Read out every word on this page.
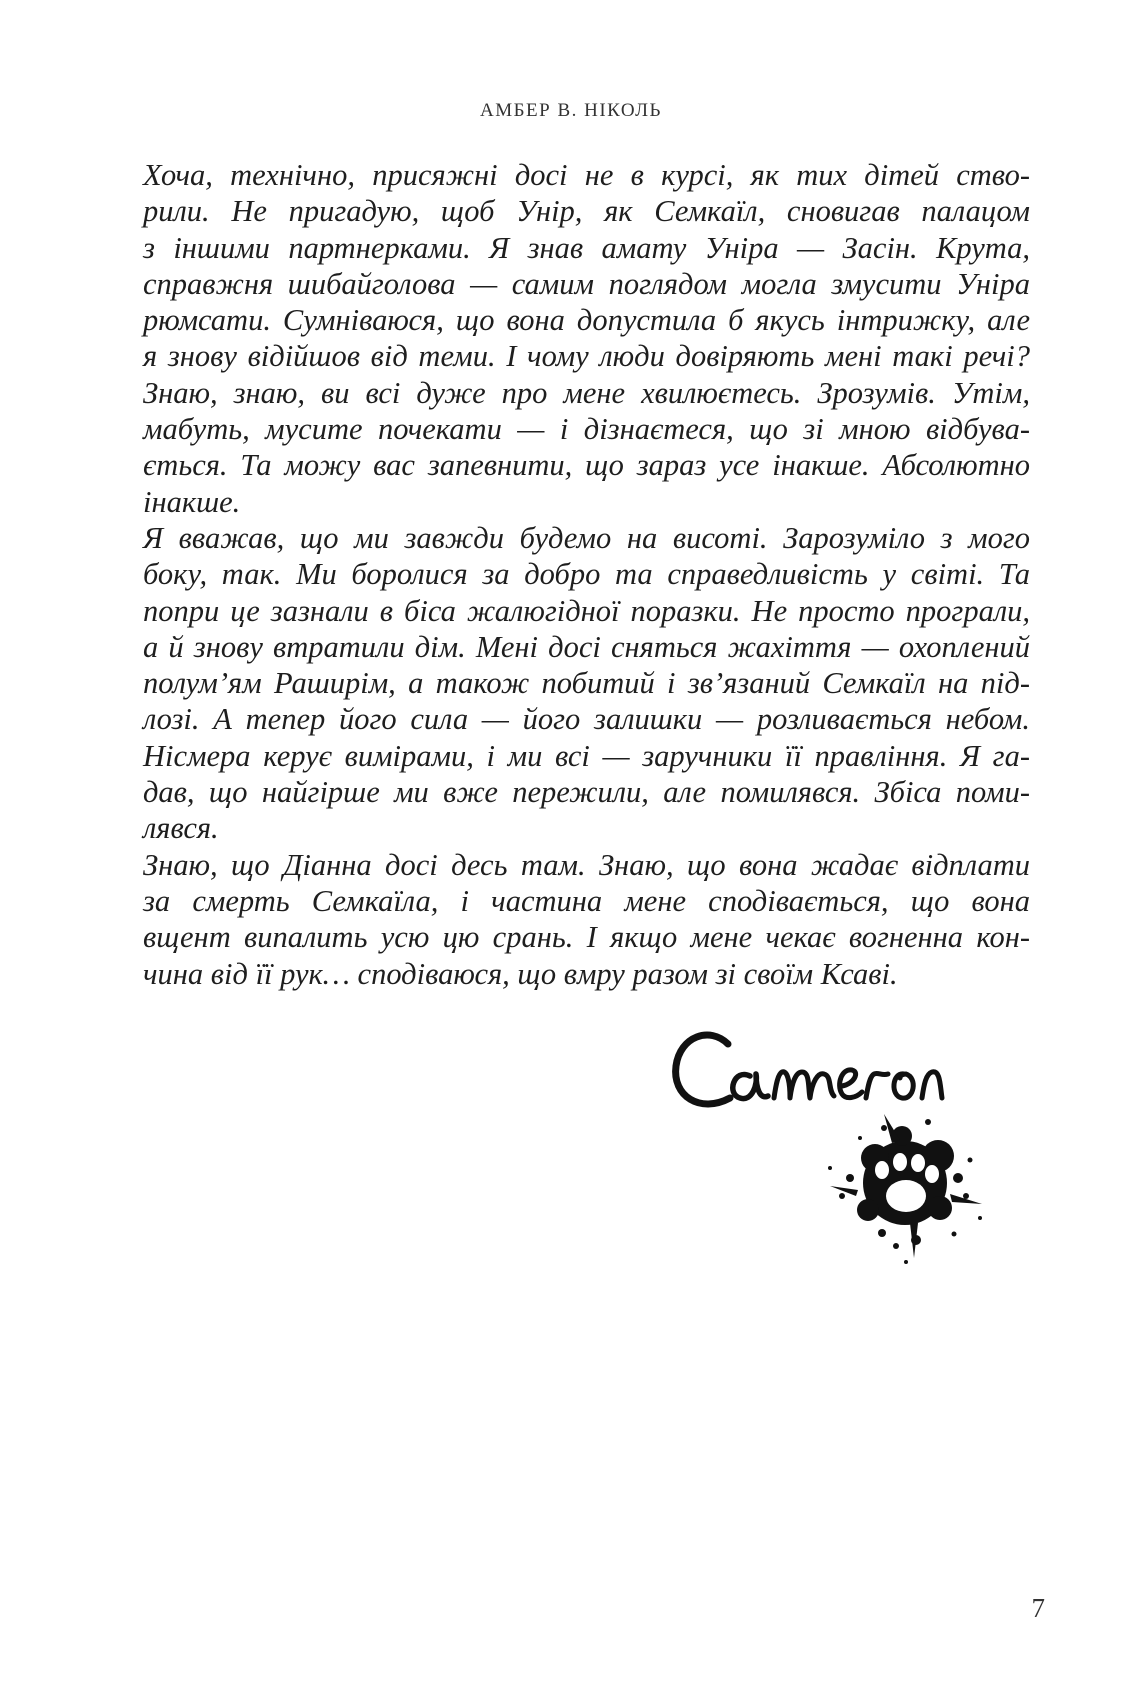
АМБЕР В. НІКОЛЬ

Хоча, технічно, присяжні досі не в курсі, як тих дітей ство-
рили. Не пригадую, щоб Унір, як Семкаїл, сновигав палацом
з іншими партнерками. Я знав амату Уніра — Засін. Крута,
справжня шибайголова — самим поглядом могла змусити Уніра
рюмсати. Сумніваюся, що вона допустила б якусь інтрижку, але
я знову відійшов від теми. І чому люди довіряють мені такі речі?

Знаю, знаю, ви всі дуже про мене хвилюєтесь. Зрозумів. Утім,
мабуть, мусите почекати — і дізнаєтеся, що зі мною відбува-
ється. Та можу вас запевнити, що зараз усе інакше. Абсолютно
інакше.

Я вважав, що ми завжди будемо на висоті. Зарозуміло з мого
боку, так. Ми боролися за добро та справедливість у світі. Та
попри це зазнали в біса жалюгідної поразки. Не просто програли,
а й знову втратили дім. Мені досі сняться жахіття — охоплений
полум’ям Раширім, а також побитий і зв’язаний Семкаїл на під-
лозі. А тепер його сила — його залишки — розливається небом.
Нісмера керує вимірами, і ми всі — заручники її правління. Я га-
дав, що найгірше ми вже пережили, але помилявся. Збіса поми-
лявся.

Знаю, що Діанна досі десь там. Знаю, що вона жадає відплати
за смерть Семкаїла, і частина мене сподівається, що вона
вщент випалить усю цю срань. І якщо мене чекає вогненна кон-
чина від її рук… сподіваюся, що вмру разом зі своїм Ксаві.

7
